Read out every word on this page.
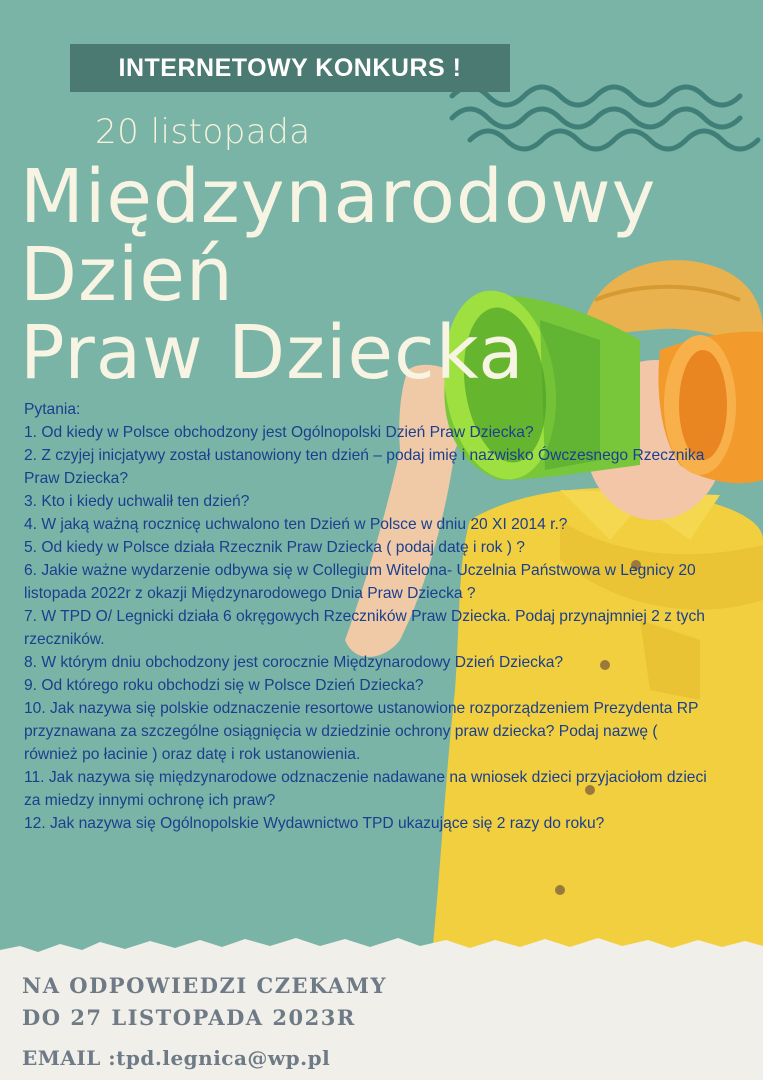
INTERNETOWY KONKURS !
20 listopada
Międzynarodowy
Dzień
Praw Dziecka

Pytania:

1. Od kiedy w Polsce obchodzony jest Ogólnopolski Dzień Praw Dziecka?

2. Z czyjej inicjatywy został ustanowiony ten dzień – podaj imię i nazwisko Ówczesnego Rzecznika Praw Dziecka?

3. Kto i kiedy uchwalił ten dzień?

4. W jaką ważną rocznicę uchwalono ten Dzień w Polsce w dniu 20 XI 2014 r.?

5. Od kiedy w Polsce działa Rzecznik Praw Dziecka ( podaj datę i rok ) ?

6. Jakie ważne wydarzenie odbywa się w Collegium Witelona- Uczelnia Państwowa w Legnicy 20 listopada 2022r z okazji Międzynarodowego Dnia Praw Dziecka ?

7. W TPD O/ Legnicki działa 6 okręgowych Rzeczników Praw Dziecka. Podaj przynajmniej 2 z tych rzeczników.

8. W którym dniu obchodzony jest corocznie Międzynarodowy Dzień Dziecka?

9. Od którego roku obchodzi się w Polsce Dzień Dziecka?

10. Jak nazywa się polskie odznaczenie resortowe ustanowione rozporządzeniem Prezydenta RP przyznawana za szczególne osiągnięcia w dziedzinie ochrony praw dziecka? Podaj nazwę ( również po łacinie ) oraz datę i rok ustanowienia.

11. Jak nazywa się międzynarodowe odznaczenie nadawane na wniosek dzieci przyjaciołom dzieci za miedzy innymi ochronę ich praw?

12. Jak nazywa się Ogólnopolskie Wydawnictwo TPD ukazujące się 2 razy do roku?

NA ODPOWIEDZI CZEKAMY
DO 27 LISTOPADA 2023R
EMAIL :tpd.legnica@wp.pl
